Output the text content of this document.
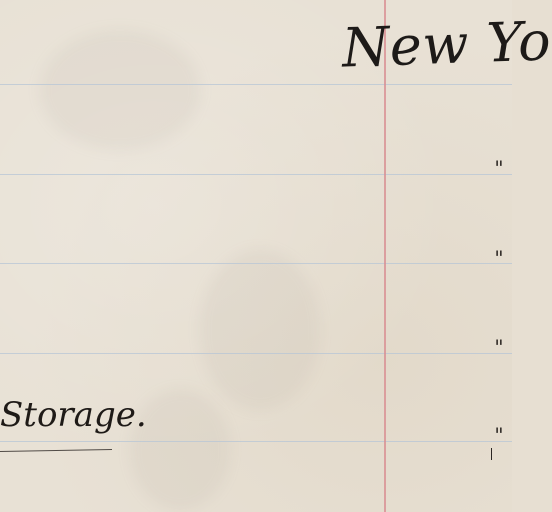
New Yo
"
"
"
"
Storage.
